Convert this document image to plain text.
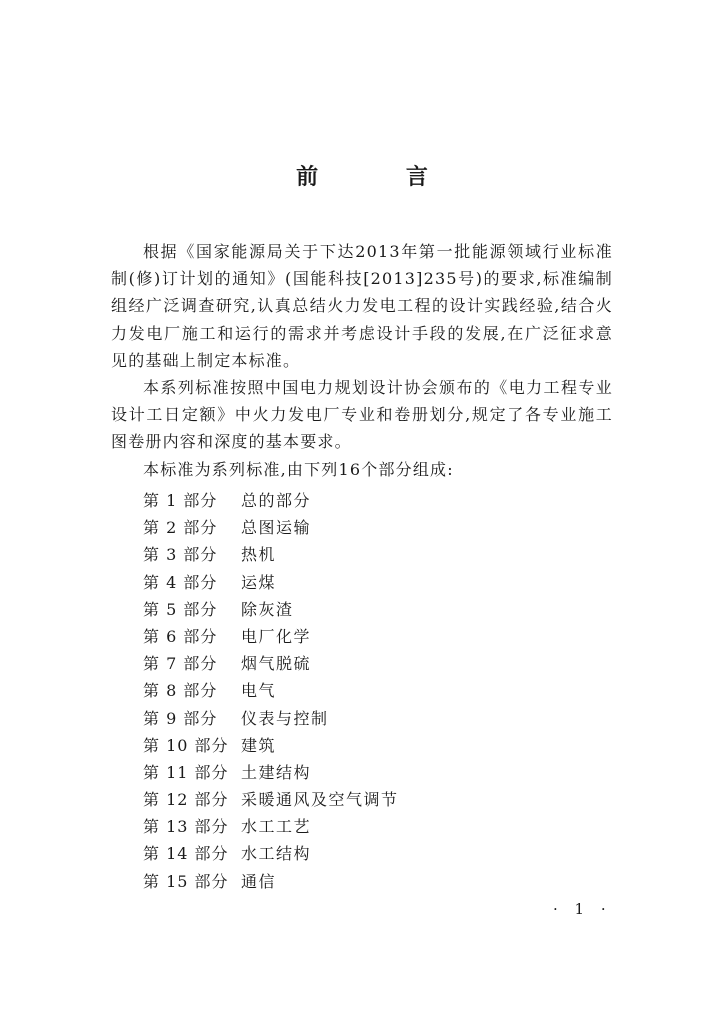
前 言

根据《国家能源局关于下达2013年第一批能源领域行业标准制(修)订计划的通知》(国能科技[2013]235号)的要求,标准编制组经广泛调查研究,认真总结火力发电工程的设计实践经验,结合火力发电厂施工和运行的需求并考虑设计手段的发展,在广泛征求意见的基础上制定本标准。

本系列标准按照中国电力规划设计协会颁布的《电力工程专业设计工日定额》中火力发电厂专业和卷册划分,规定了各专业施工图卷册内容和深度的基本要求。

本标准为系列标准,由下列16个部分组成:

第 1 部分 总的部分
第 2 部分 总图运输
第 3 部分 热机
第 4 部分 运煤
第 5 部分 除灰渣
第 6 部分 电厂化学
第 7 部分 烟气脱硫
第 8 部分 电气
第 9 部分 仪表与控制
第 10 部分 建筑
第 11 部分 土建结构
第 12 部分 采暖通风及空气调节
第 13 部分 水工工艺
第 14 部分 水工结构
第 15 部分 通信
· 1 ·
